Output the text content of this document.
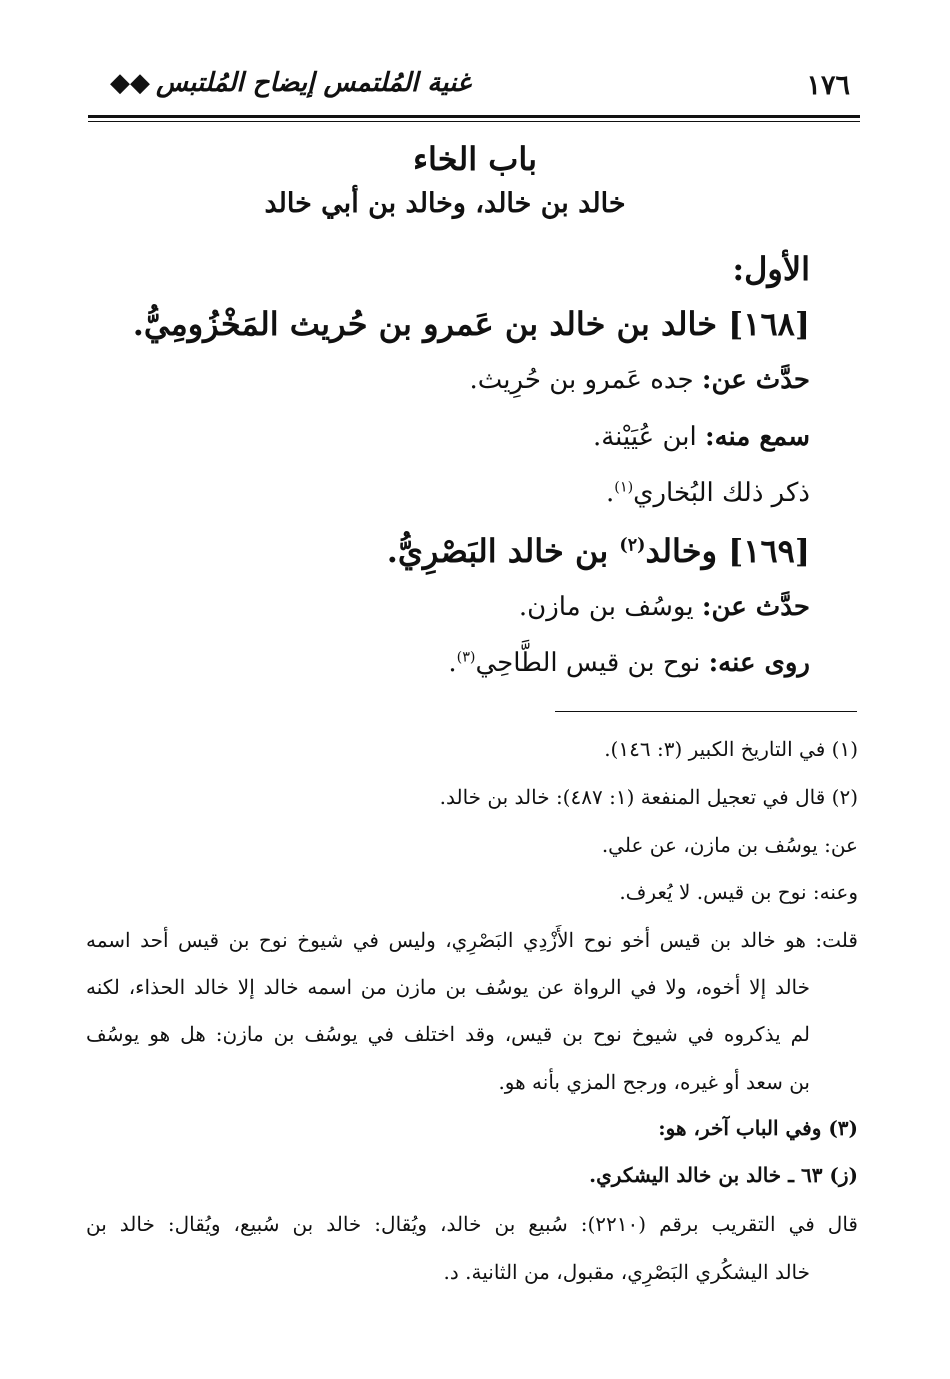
١٧٦
غنية المُلتمس إيضاح المُلتبس◆◆
باب الخاء
خالد بن خالد، وخالد بن أبي خالد
الأول:
[١٦٨] خالد بن خالد بن عَمرو بن حُريث المَخْزُومِيُّ.
حدَّث عن: جده عَمرو بن حُرِيث.
سمع منه: ابن عُيَيْنة.
ذكر ذلك البُخاري$^{(١)}$.
[١٦٩] وخالد$^{(٢)}$ بن خالد البَصْرِيُّ.
حدَّث عن: يوسُف بن مازن.
روى عنه: نوح بن قيس الطَّاحِي$^{(٣)}$.
(١) في التاريخ الكبير (٣: ١٤٦).
(٢) قال في تعجيل المنفعة (١: ٤٨٧): خالد بن خالد.
عن: يوسُف بن مازن، عن علي.
وعنه: نوح بن قيس. لا يُعرف.
قلت: هو خالد بن قيس أخو نوح الأَزْدِي البَصْرِي، وليس في شيوخ نوح بن قيس أحد اسمه
خالد إلا أخوه، ولا في الرواة عن يوسُف بن مازن من اسمه خالد إلا خالد الحذاء، لكنه
لم يذكروه في شيوخ نوح بن قيس، وقد اختلف في يوسُف بن مازن: هل هو يوسُف
بن سعد أو غيره، ورجح المزي بأنه هو.
(٣) وفي الباب آخر، هو:
(ز) ٦٣ ـ خالد بن خالد اليشكري.
قال في التقريب برقم (٢٢١٠): سُبيع بن خالد، ويُقال: خالد بن سُبيع، ويُقال: خالد بن
خالد اليشكُري البَصْرِي، مقبول، من الثانية. د.
